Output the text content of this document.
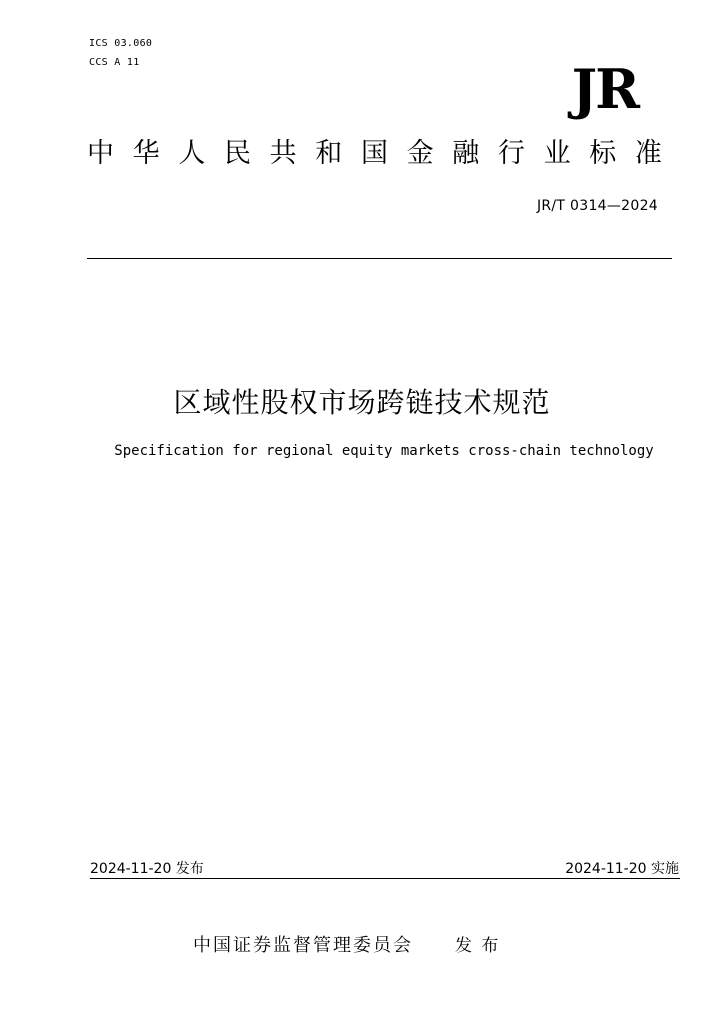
ICS 03.060
CCS A 11	JR
中 华 人 民 共 和 国 金 融 行 业 标 准
JR/T 0314—2024
区域性股权市场跨链技术规范
Specification for regional equity markets cross-chain technology
2024-11-20 发布	2024-11-20 实施
中国证券监督管理委员会 发 布
